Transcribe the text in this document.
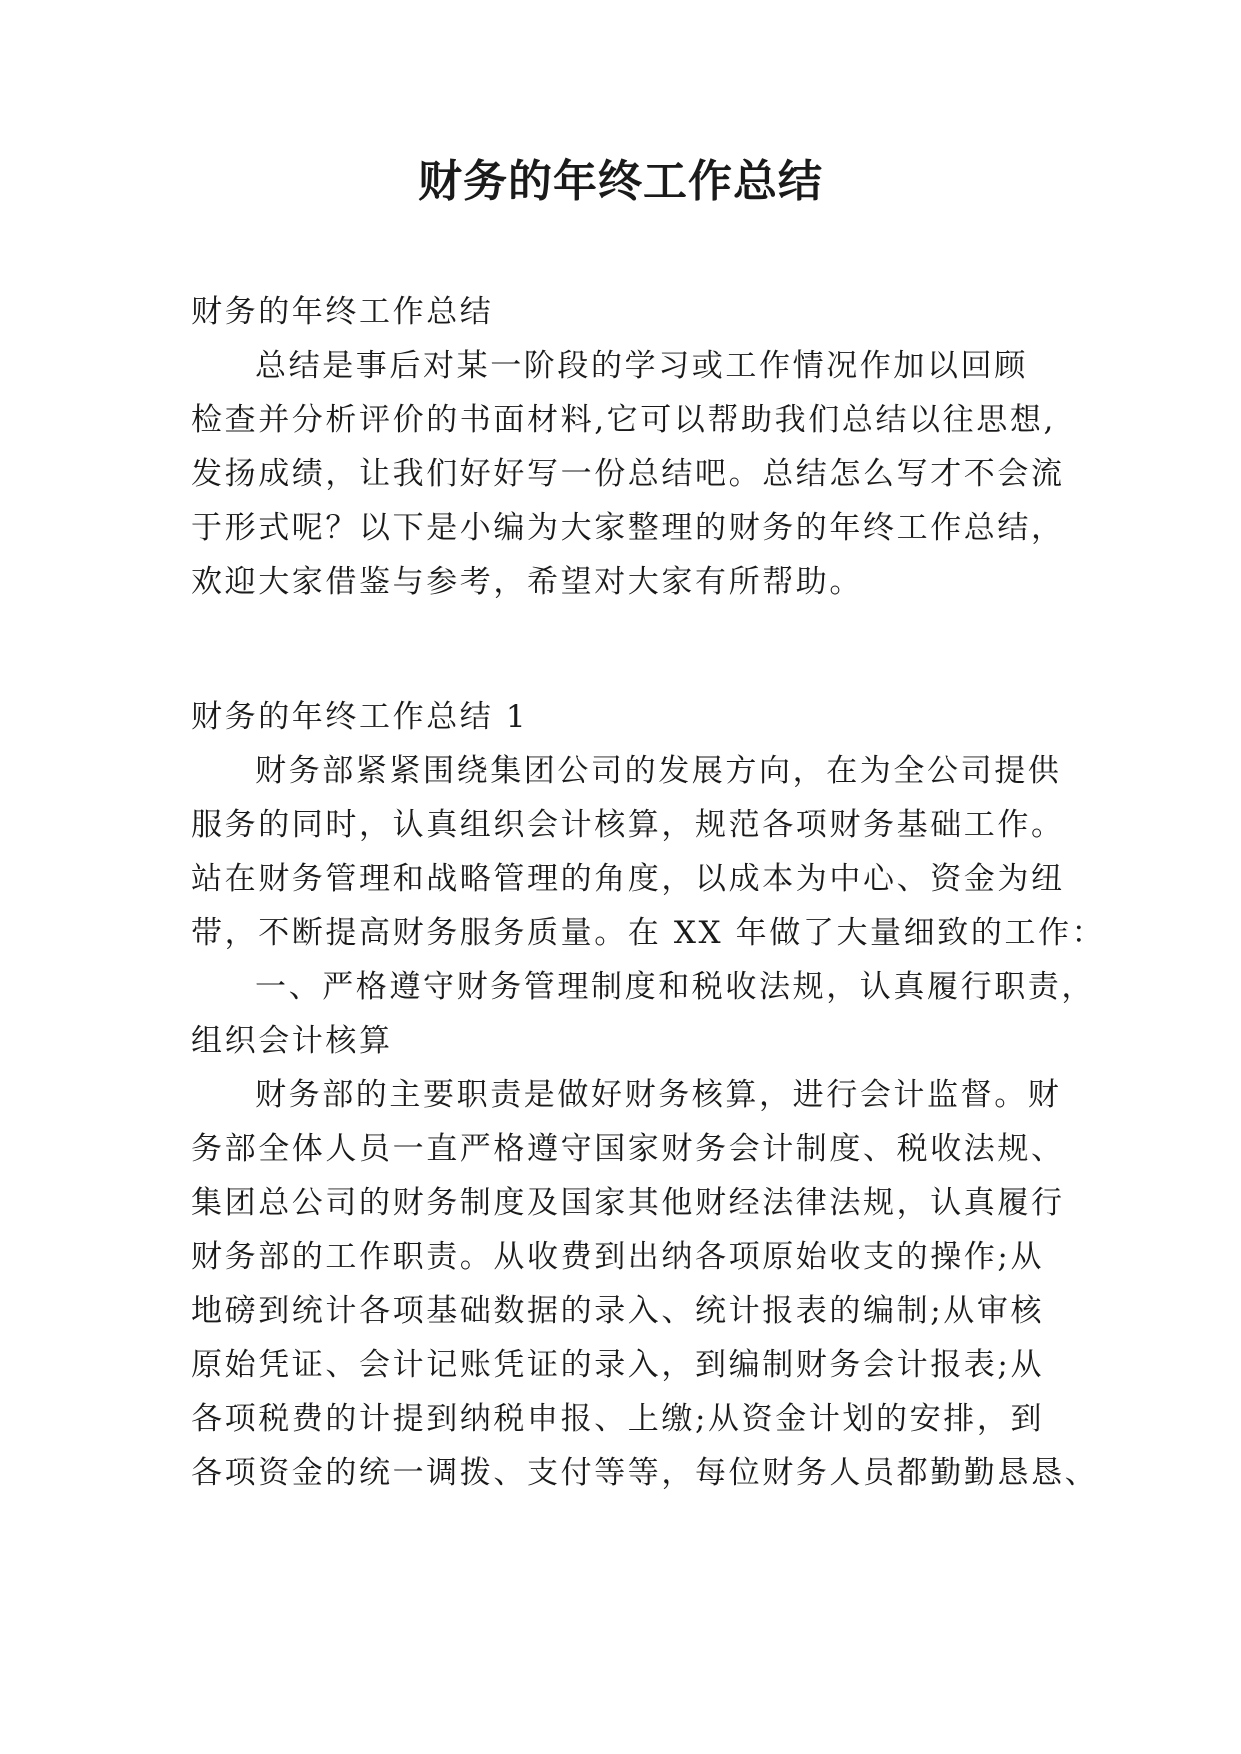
财务的年终工作总结

财务的年终工作总结

总结是事后对某一阶段的学习或工作情况作加以回顾

检查并分析评价的书面材料,它可以帮助我们总结以往思想,

发扬成绩，让我们好好写一份总结吧。总结怎么写才不会流

于形式呢？以下是小编为大家整理的财务的年终工作总结，

欢迎大家借鉴与参考，希望对大家有所帮助。

财务的年终工作总结 1

财务部紧紧围绕集团公司的发展方向，在为全公司提供

服务的同时，认真组织会计核算，规范各项财务基础工作。

站在财务管理和战略管理的角度，以成本为中心、资金为纽

带，不断提高财务服务质量。在 XX 年做了大量细致的工作：

一、严格遵守财务管理制度和税收法规，认真履行职责，

组织会计核算

财务部的主要职责是做好财务核算，进行会计监督。财

务部全体人员一直严格遵守国家财务会计制度、税收法规、

集团总公司的财务制度及国家其他财经法律法规，认真履行

财务部的工作职责。从收费到出纳各项原始收支的操作;从

地磅到统计各项基础数据的录入、统计报表的编制;从审核

原始凭证、会计记账凭证的录入，到编制财务会计报表;从

各项税费的计提到纳税申报、上缴;从资金计划的安排，到

各项资金的统一调拨、支付等等，每位财务人员都勤勤恳恳、
